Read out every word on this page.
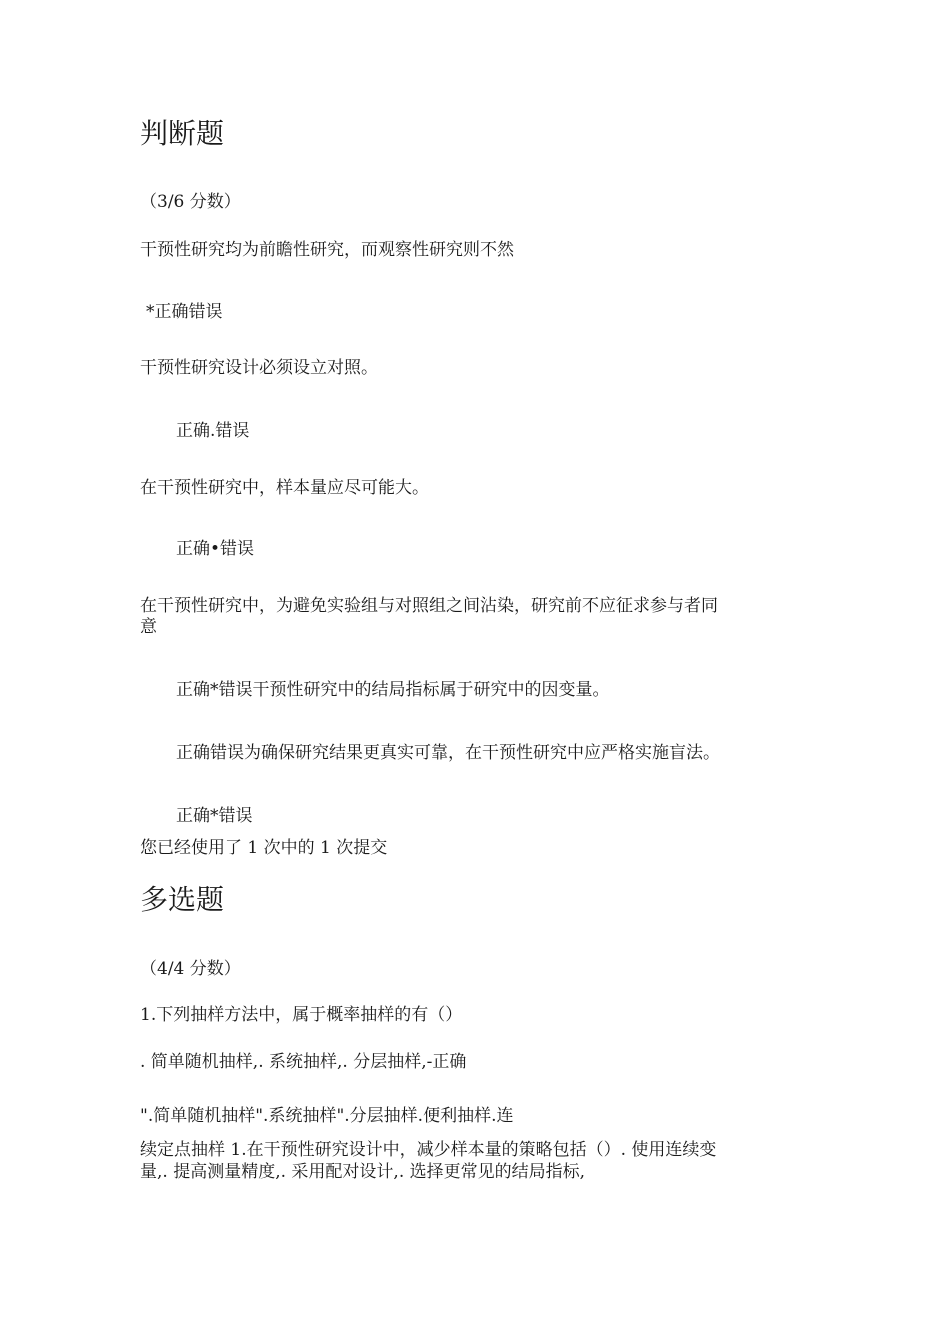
判断题
（3/6 分数）
干预性研究均为前瞻性研究，而观察性研究则不然
*正确错误
干预性研究设计必须设立对照。
正确.错误
在干预性研究中，样本量应尽可能大。
正确•错误
在干预性研究中，为避免实验组与对照组之间沾染，研究前不应征求参与者同
意
正确*错误干预性研究中的结局指标属于研究中的因变量。
正确错误为确保研究结果更真实可靠，在干预性研究中应严格实施盲法。
正确*错误
您已经使用了 1 次中的 1 次提交
多选题
（4/4 分数）
1.下列抽样方法中，属于概率抽样的有（）
. 简单随机抽样,. 系统抽样,. 分层抽样,-正确
".简单随机抽样".系统抽样".分层抽样.便利抽样.连
续定点抽样 1.在干预性研究设计中，减少样本量的策略包括（）. 使用连续变
量,. 提高测量精度,. 采用配对设计,. 选择更常见的结局指标,
